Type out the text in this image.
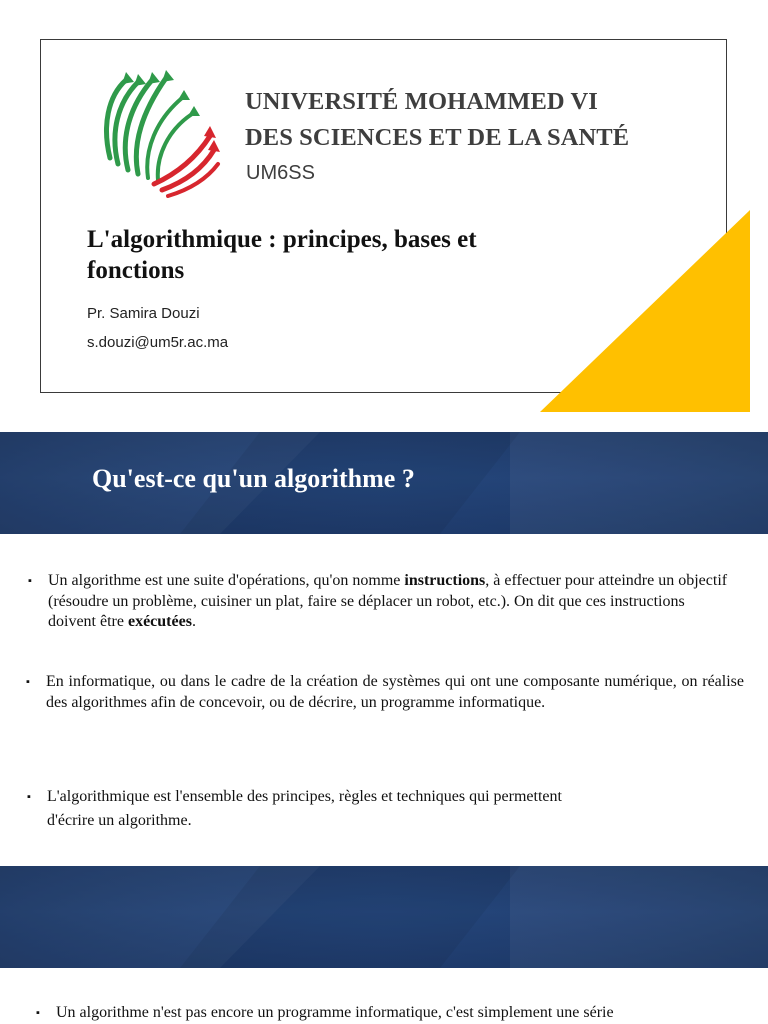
UNIVERSITÉ MOHAMMED VI
DES SCIENCES ET DE LA SANTÉ
UM6SS
L'algorithmique : principes, bases et fonctions
Pr. Samira Douzi
s.douzi@um5r.ac.ma
Qu'est-ce qu'un algorithme ?
▪ Un algorithme est une suite d'opérations, qu'on nomme instructions, à effectuer pour atteindre un objectif (résoudre un problème, cuisiner un plat, faire se déplacer un robot, etc.). On dit que ces instructions doivent être exécutées.
▪ En informatique, ou dans le cadre de la création de systèmes qui ont une composante numérique, on réalise des algorithmes afin de concevoir, ou de décrire, un programme informatique.
▪ L'algorithmique est l'ensemble des principes, règles et techniques qui permettent
d'écrire un algorithme.
▪ Un algorithme n'est pas encore un programme informatique, c'est simplement une série
